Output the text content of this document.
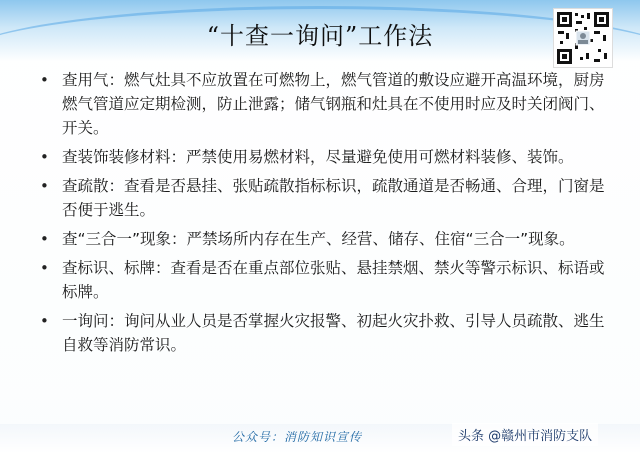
“十查一询问”工作法
• 查用气：燃气灶具不应放置在可燃物上，燃气管道的敷设应避开高温环境，厨房燃气管道应定期检测，防止泄露；储气钢瓶和灶具在不使用时应及时关闭阀门、开关。
• 查装饰装修材料：严禁使用易燃材料，尽量避免使用可燃材料装修、装饰。
• 查疏散：查看是否悬挂、张贴疏散指标标识，疏散通道是否畅通、合理，门窗是否便于逃生。
• 查“三合一”现象：严禁场所内存在生产、经营、储存、住宿“三合一”现象。
• 查标识、标牌：查看是否在重点部位张贴、悬挂禁烟、禁火等警示标识、标语或标牌。
• 一询问：询问从业人员是否掌握火灾报警、初起火灾扑救、引导人员疏散、逃生自救等消防常识。
公众号：消防知识宣传	头条 @赣州市消防支队
